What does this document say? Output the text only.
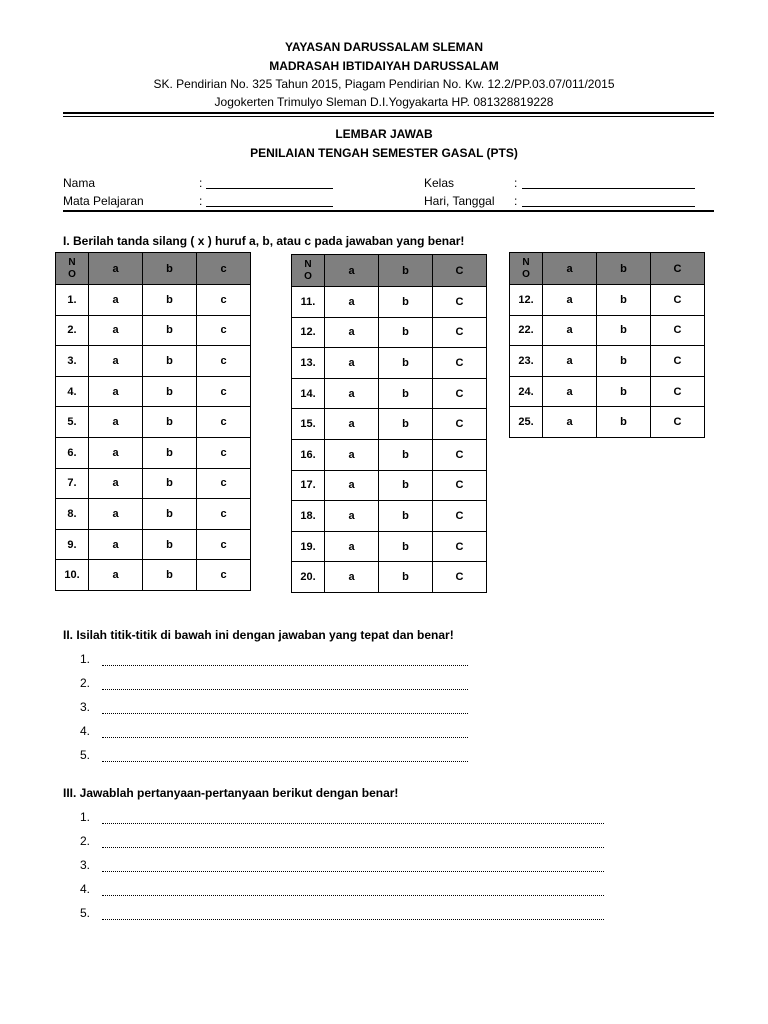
YAYASAN DARUSSALAM SLEMAN
MADRASAH IBTIDAIYAH DARUSSALAM
SK. Pendirian No. 325 Tahun 2015, Piagam Pendirian No. Kw. 12.2/PP.03.07/011/2015
Jogokerten Trimulyo Sleman D.I.Yogyakarta HP. 081328819228
LEMBAR JAWAB
PENILAIAN TENGAH SEMESTER GASAL (PTS)
Nama	:
Mata Pelajaran	:
Kelas	:
Hari, Tanggal :
I. Berilah tanda silang ( x ) huruf a, b, atau c pada jawaban yang benar!
N
O	a	b	c
1.	a	b	c
2.	a	b	c
3.	a	b	c
4.	a	b	c
5.	a	b	c
6.	a	b	c
7.	a	b	c
8.	a	b	c
9.	a	b	c
10.	a	b	c
N
O	a	b	C
11.	a	b	C
12.	a	b	C
13.	a	b	C
14.	a	b	C
15.	a	b	C
16.	a	b	C
17.	a	b	C
18.	a	b	C
19.	a	b	C
20.	a	b	C
N
O	a	b	C
12.	a	b	C
22.	a	b	C
23.	a	b	C
24.	a	b	C
25.	a	b	C
II. Isilah titik-titik di bawah ini dengan jawaban yang tepat dan benar!
1.
2.
3.
4.
5.
III. Jawablah pertanyaan-pertanyaan berikut dengan benar!
1.
2.
3.
4.
5.
